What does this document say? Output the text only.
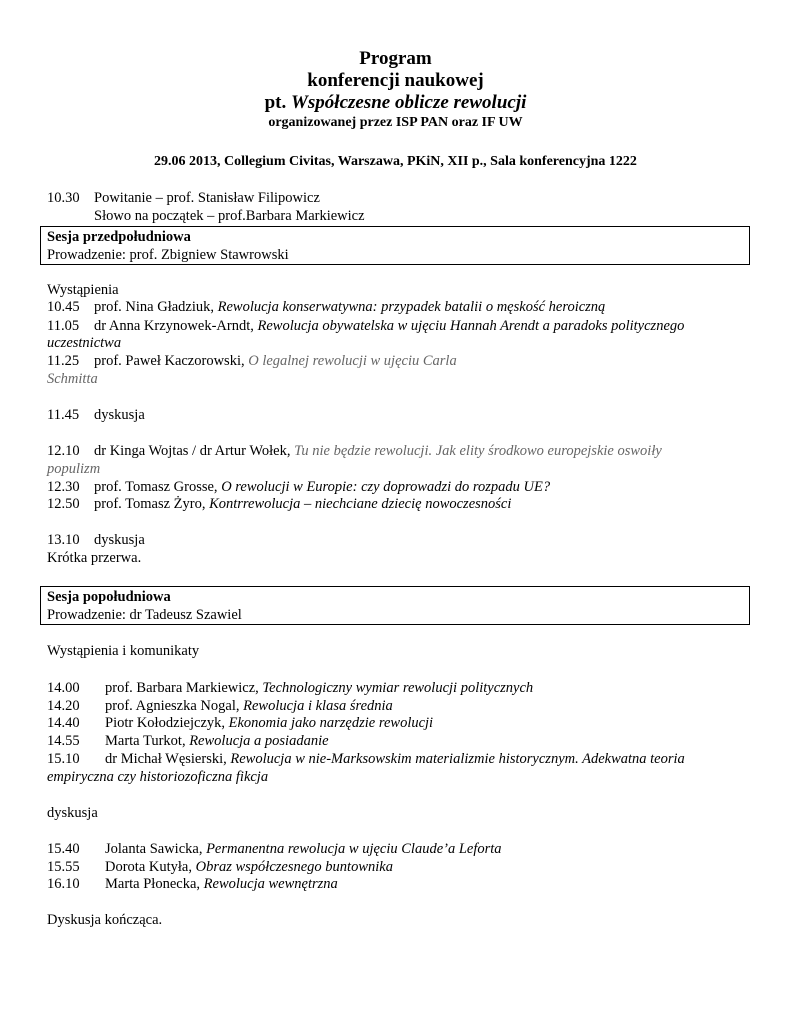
Program
konferencji naukowej
pt. Współczesne oblicze rewolucji
organizowanej przez ISP PAN oraz IF UW
29.06 2013, Collegium Civitas, Warszawa, PKiN, XII p., Sala konferencyjna 1222
10.30 Powitanie – prof. Stanisław Filipowicz
Słowo na początek – prof.Barbara Markiewicz
Sesja przedpołudniowa
Prowadzenie: prof. Zbigniew Stawrowski
Wystąpienia
10.45 prof. Nina Gładziuk, Rewolucja konserwatywna: przypadek batalii o męskość heroiczną
11.05 dr Anna Krzynowek-Arndt, Rewolucja obywatelska w ujęciu Hannah Arendt a paradoks politycznego
uczestnictwa
11.25 prof. Paweł Kaczorowski, O legalnej rewolucji w ujęciu Carla
Schmitta
11.45 dyskusja
12.10 dr Kinga Wojtas / dr Artur Wołek, Tu nie będzie rewolucji. Jak elity środkowo europejskie oswoiły
populizm
12.30 prof. Tomasz Grosse, O rewolucji w Europie: czy doprowadzi do rozpadu UE?
12.50 prof. Tomasz Żyro, Kontrrewolucja – niechciane dziecię nowoczesności
13.10 dyskusja
Krótka przerwa.
Sesja popołudniowa
Prowadzenie: dr Tadeusz Szawiel
Wystąpienia i komunikaty
14.00 prof. Barbara Markiewicz, Technologiczny wymiar rewolucji politycznych
14.20 prof. Agnieszka Nogal, Rewolucja i klasa średnia
14.40 Piotr Kołodziejczyk, Ekonomia jako narzędzie rewolucji
14.55 Marta Turkot, Rewolucja a posiadanie
15.10 dr Michał Węsierski, Rewolucja w nie-Marksowskim materializmie historycznym. Adekwatna teoria
empiryczna czy historiozoficzna fikcja
dyskusja
15.40 Jolanta Sawicka, Permanentna rewolucja w ujęciu Claude’a Leforta
15.55 Dorota Kutyła, Obraz współczesnego buntownika
16.10 Marta Płonecka, Rewolucja wewnętrzna
Dyskusja kończąca.
